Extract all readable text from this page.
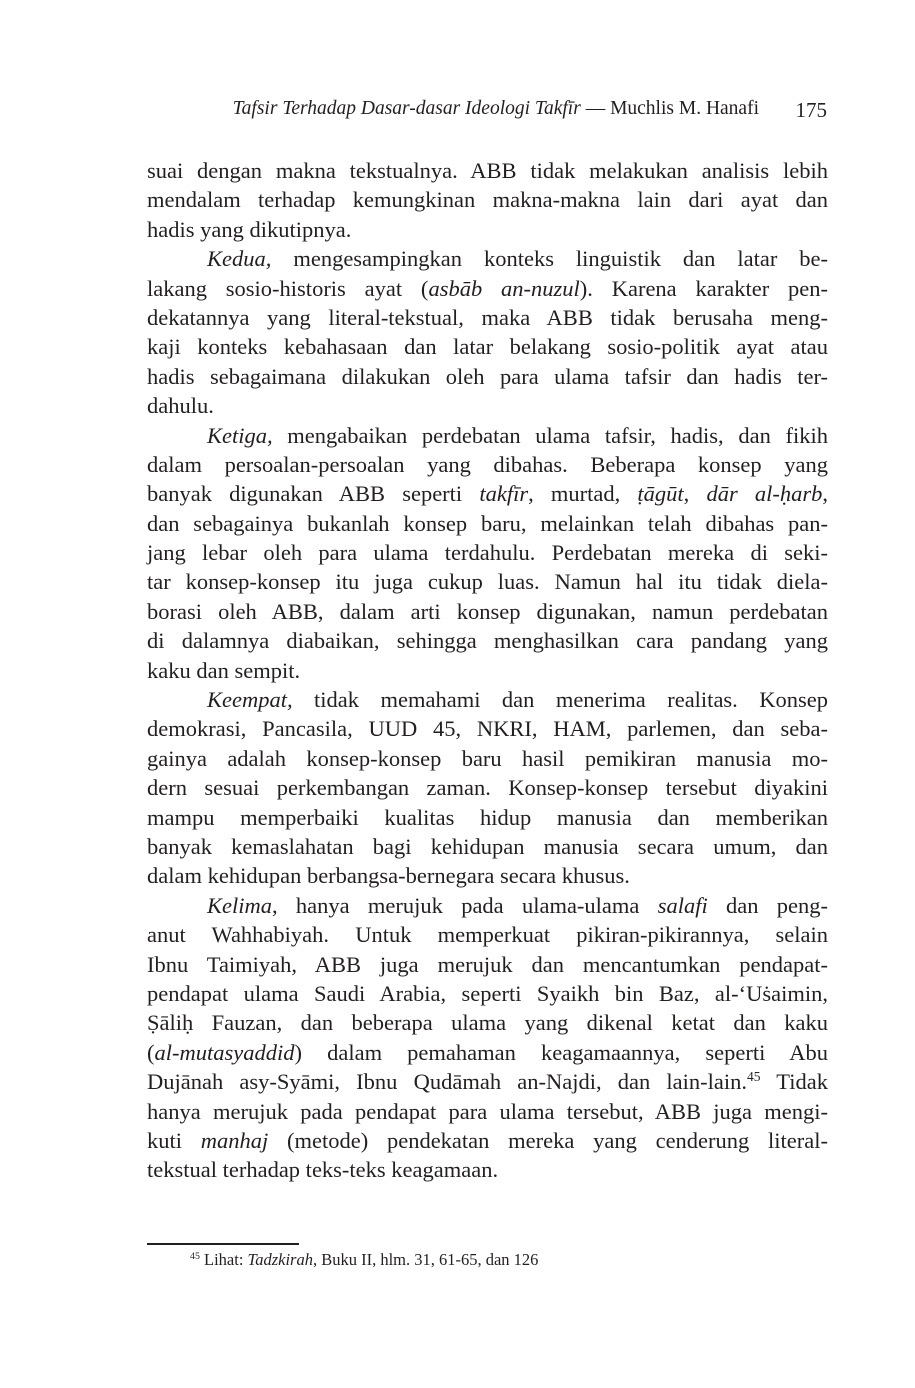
Tafsir Terhadap Dasar-dasar Ideologi Takfīr — Muchlis M. Hanafi 175
suai dengan makna tekstualnya. ABB tidak melakukan analisis lebih
mendalam terhadap kemungkinan makna-makna lain dari ayat dan
hadis yang dikutipnya.
Kedua, mengesampingkan konteks linguistik dan latar be-
lakang sosio-historis ayat (asbāb an-nuzul). Karena karakter pen-
dekatannya yang literal-tekstual, maka ABB tidak berusaha meng-
kaji konteks kebahasaan dan latar belakang sosio-politik ayat atau
hadis sebagaimana dilakukan oleh para ulama tafsir dan hadis ter-
dahulu.
Ketiga, mengabaikan perdebatan ulama tafsir, hadis, dan fikih
dalam persoalan-persoalan yang dibahas. Beberapa konsep yang
banyak digunakan ABB seperti takfīr, murtad, ṭāgūt, dār al-ḥarb,
dan sebagainya bukanlah konsep baru, melainkan telah dibahas pan-
jang lebar oleh para ulama terdahulu. Perdebatan mereka di seki-
tar konsep-konsep itu juga cukup luas. Namun hal itu tidak diela-
borasi oleh ABB, dalam arti konsep digunakan, namun perdebatan
di dalamnya diabaikan, sehingga menghasilkan cara pandang yang
kaku dan sempit.
Keempat, tidak memahami dan menerima realitas. Konsep
demokrasi, Pancasila, UUD 45, NKRI, HAM, parlemen, dan seba-
gainya adalah konsep-konsep baru hasil pemikiran manusia mo-
dern sesuai perkembangan zaman. Konsep-konsep tersebut diyakini
mampu memperbaiki kualitas hidup manusia dan memberikan
banyak kemaslahatan bagi kehidupan manusia secara umum, dan
dalam kehidupan berbangsa-bernegara secara khusus.
Kelima, hanya merujuk pada ulama-ulama salafi dan peng-
anut Wahhabiyah. Untuk memperkuat pikiran-pikirannya, selain
Ibnu Taimiyah, ABB juga merujuk dan mencantumkan pendapat-
pendapat ulama Saudi Arabia, seperti Syaikh bin Baz, al-‘Uṡaimin,
Ṣāliḥ Fauzan, dan beberapa ulama yang dikenal ketat dan kaku
(al-mutasyaddid) dalam pemahaman keagamaannya, seperti Abu
Dujānah asy-Syāmi, Ibnu Qudāmah an-Najdi, dan lain-lain.$^{45}$ Tidak
hanya merujuk pada pendapat para ulama tersebut, ABB juga mengi-
kuti manhaj (metode) pendekatan mereka yang cenderung literal-
tekstual terhadap teks-teks keagamaan.
$^{45}$ Lihat: Tadzkirah, Buku II, hlm. 31, 61-65, dan 126
